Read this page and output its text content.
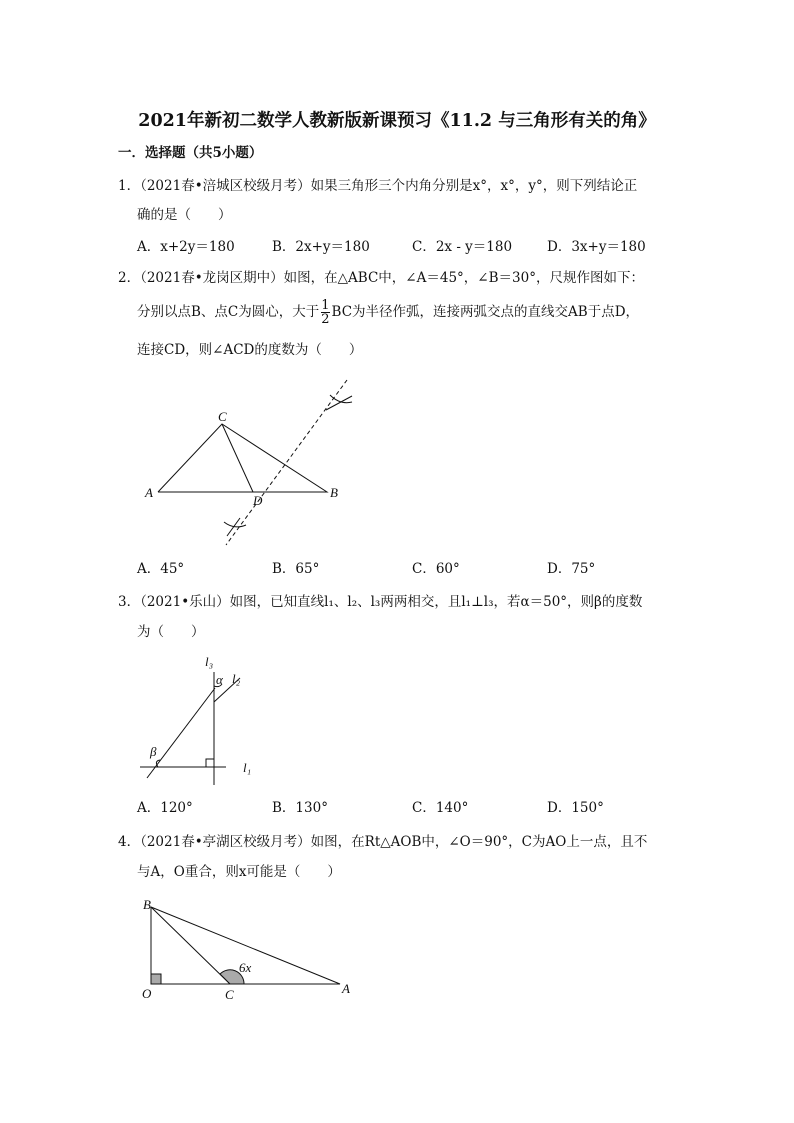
2021年新初二数学人教新版新课预习《11.2 与三角形有关的角》
一．选择题（共5小题）
1．（2021春•涪城区校级月考）如果三角形三个内角分别是x°，x°，y°，则下列结论正
确的是（　　）
A．x+2y＝180	B．2x+y＝180	C．2x - y＝180	D．3x+y＝180
2．（2021春•龙岗区期中）如图，在△ABC中，∠A＝45°，∠B＝30°，尺规作图如下：
分别以点B、点C为圆心，大于 $\frac{1}{2}$ BC为半径作弧，连接两弧交点的直线交AB于点D，
连接CD，则∠ACD的度数为（　　）
A	B
C
D
l₃
l₂
l₁
α
β
B
O	C	A
6x
A．45°	B．65°	C．60°	D．75°
3．（2021•乐山）如图，已知直线l₁、l₂、l₃两两相交，且l₁⊥l₃，若α＝50°，则β的度数
为（　　）
A．120°	B．130°	C．140°	D．150°
4．（2021春•亭湖区校级月考）如图，在Rt△AOB中，∠O＝90°，C为AO上一点，且不
与A，O重合，则x可能是（　　）
